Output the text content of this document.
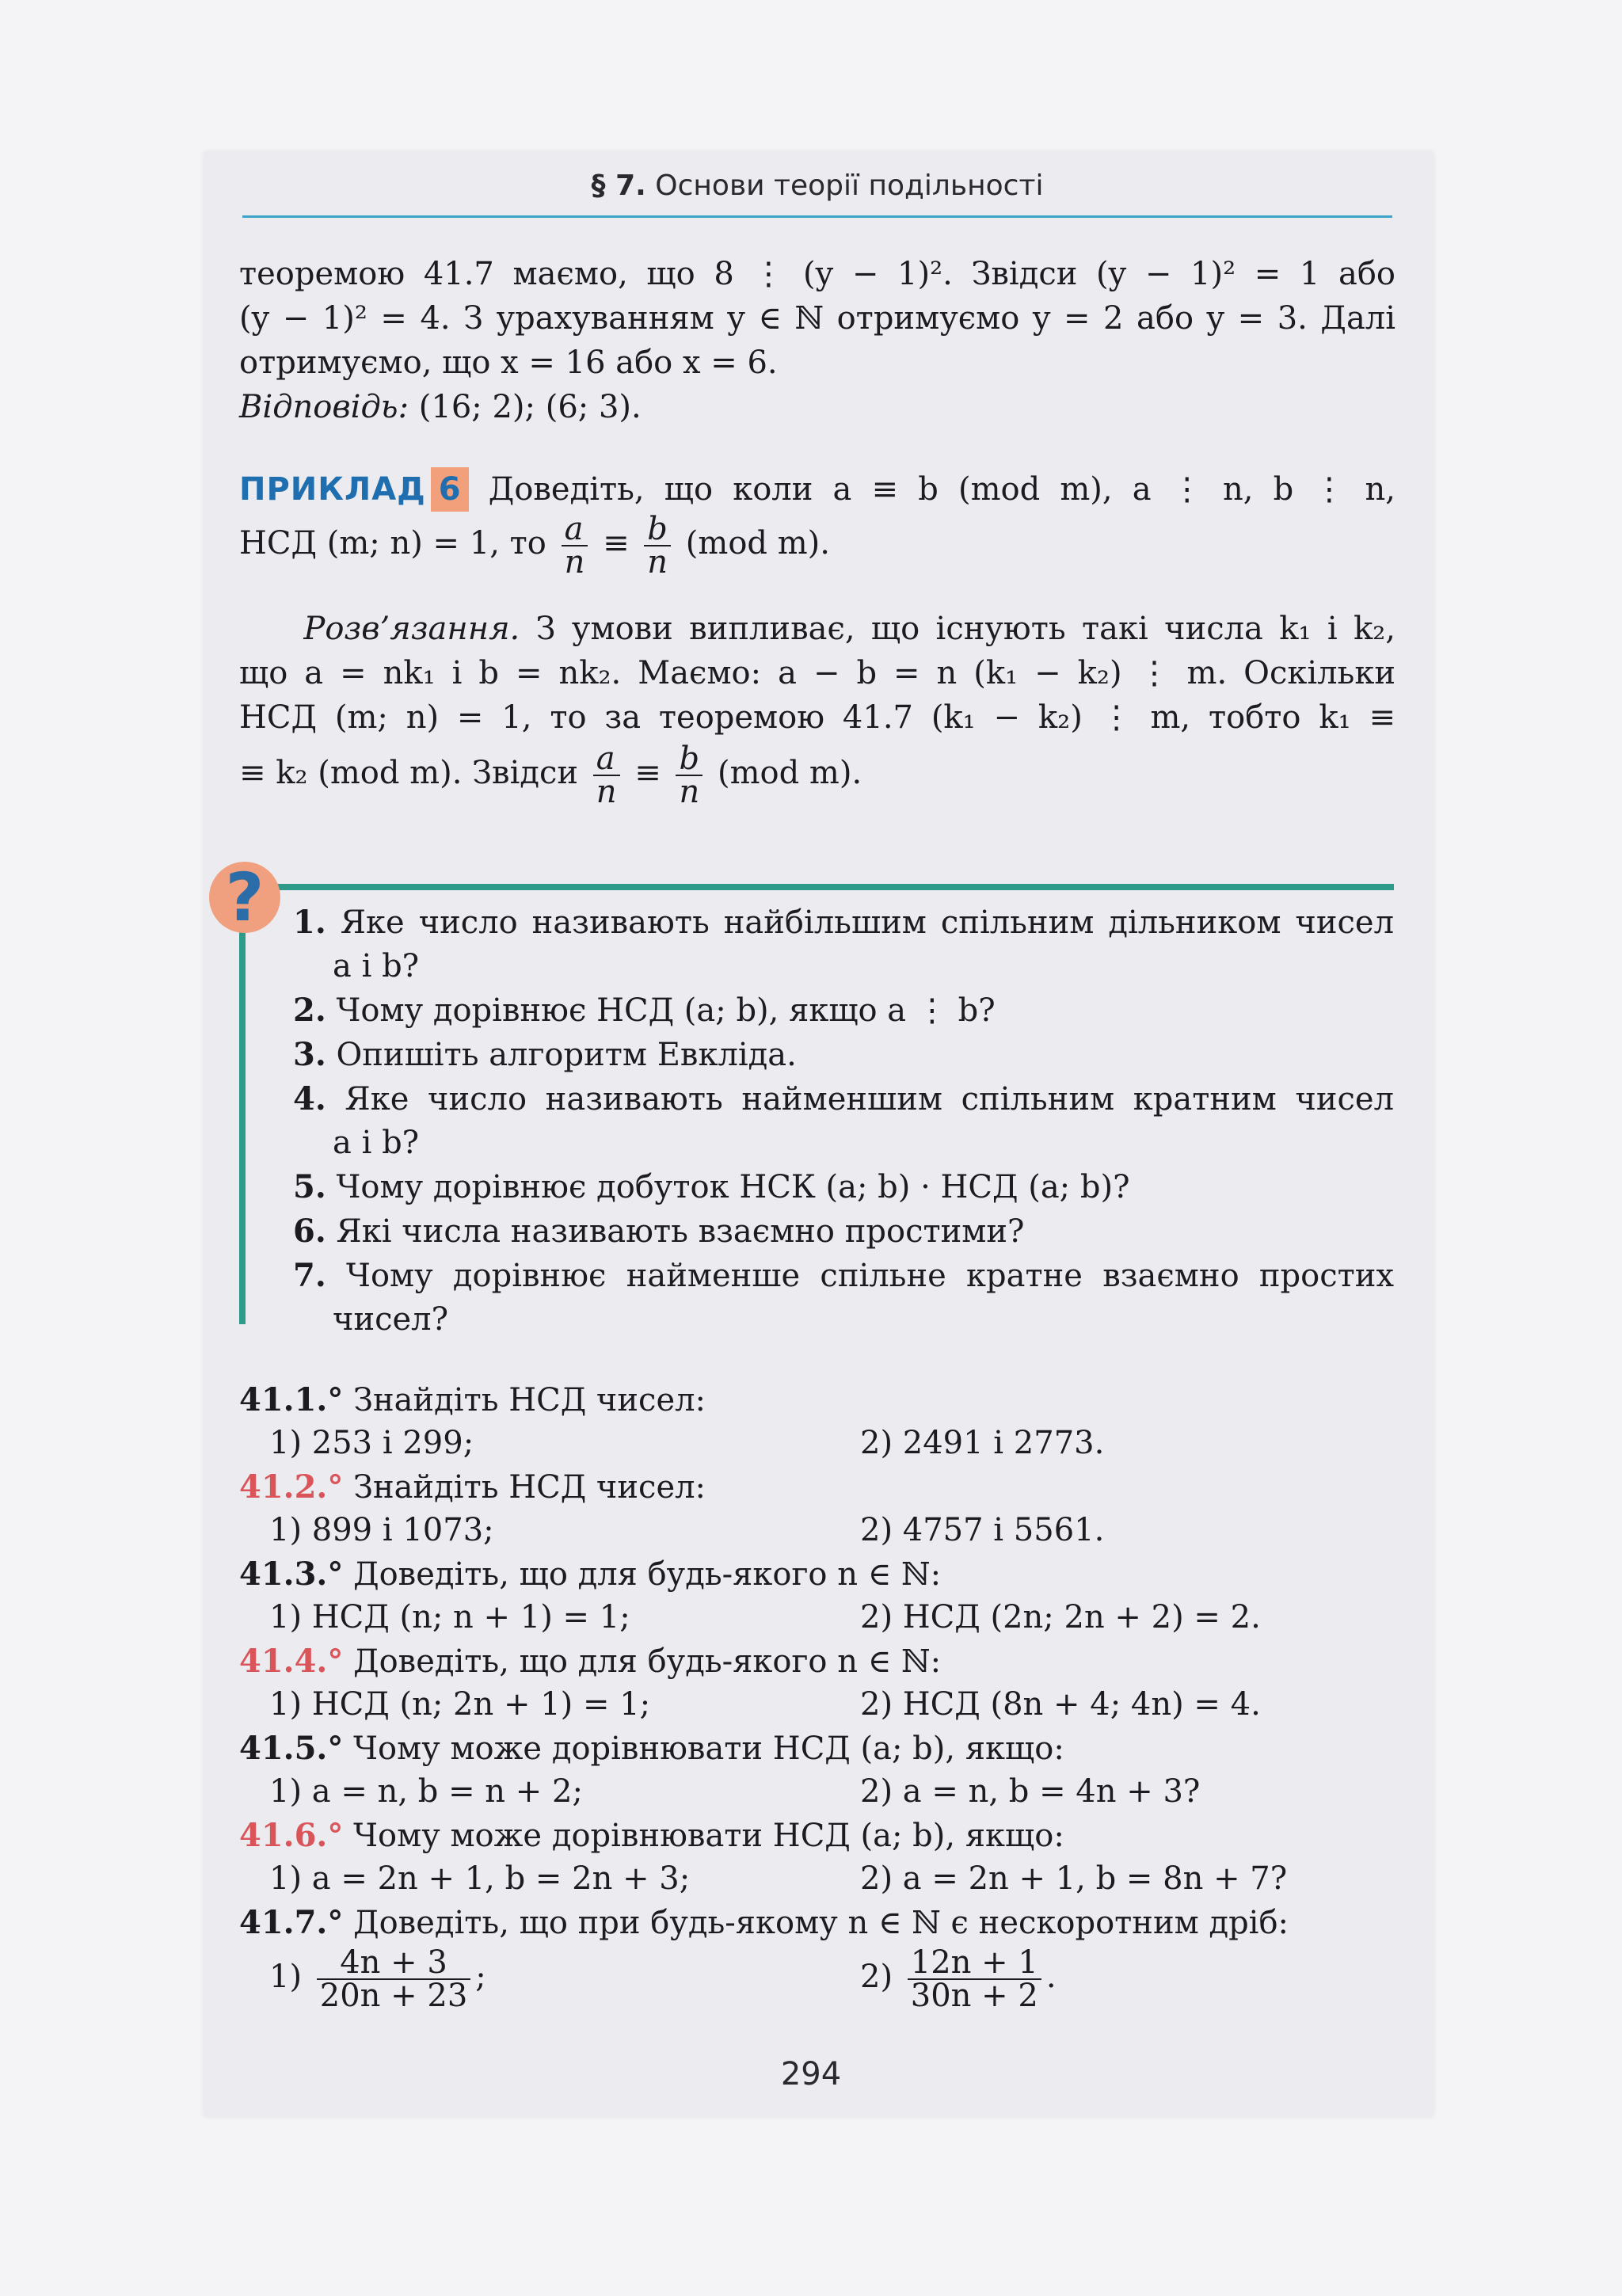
§ 7. Основи теорії подільності
теоремою 41.7 маємо, що 8 ⋮ (y − 1)². Звідси (y − 1)² = 1 або
(y − 1)² = 4. З урахуванням y ∈ ℕ отримуємо y = 2 або y = 3. Далі
отримуємо, що x = 16 або x = 6.
Відповідь: (16; 2); (6; 3).
ПРИКЛАД 6 Доведіть, що коли a ≡ b (mod m), a ⋮ n, b ⋮ n,
НСД (m; n) = 1, то $\frac{a}{n} \equiv \frac{b}{n} (mod$ m).
Розв’язання. З умови випливає, що існують такі числа k₁ і k₂,
що a = nk₁ і b = nk₂. Маємо: a − b = n (k₁ − k₂) ⋮ m. Оскільки
НСД (m; n) = 1, то за теоремою 41.7 (k₁ − k₂) ⋮ m, тобто k₁ ≡
≡ k₂ (mod m). Звідси $\frac{a}{n} \equiv \frac{b}{n} (mod$ m).
? 1. Яке число називають найбільшим спільним дільником чисел
a і b?
2. Чому дорівнює НСД (a; b), якщо a ⋮ b?
3. Опишіть алгоритм Евкліда.
4. Яке число називають найменшим спільним кратним чисел
a і b?
5. Чому дорівнює добуток НСК (a; b) · НСД (a; b)?
6. Які числа називають взаємно простими?
7. Чому дорівнює найменше спільне кратне взаємно простих
чисел?
41.1.° Знайдіть НСД чисел:
1) 253 і 299;	2) 2491 і 2773.
41.2.° Знайдіть НСД чисел:
1) 899 і 1073;	2) 4757 і 5561.
41.3.° Доведіть, що для будь-якого n ∈ ℕ:
1) НСД (n; n + 1) = 1;	2) НСД (2n; 2n + 2) = 2.
41.4.° Доведіть, що для будь-якого n ∈ ℕ:
1) НСД (n; 2n + 1) = 1;	2) НСД (8n + 4; 4n) = 4.
41.5.° Чому може дорівнювати НСД (a; b), якщо:
1) a = n, b = n + 2;	2) a = n, b = 4n + 3?
41.6.° Чому може дорівнювати НСД (a; b), якщо:
1) a = 2n + 1, b = 2n + 3;	2) a = 2n + 1, b = 8n + 7?
41.7.° Доведіть, що при будь-якому n ∈ ℕ є нескоротним дріб:
$1) \frac{4n + 3}{20n + 23}$ ;	$2) \frac{12n + 1}{30n + 2}$ .
294
